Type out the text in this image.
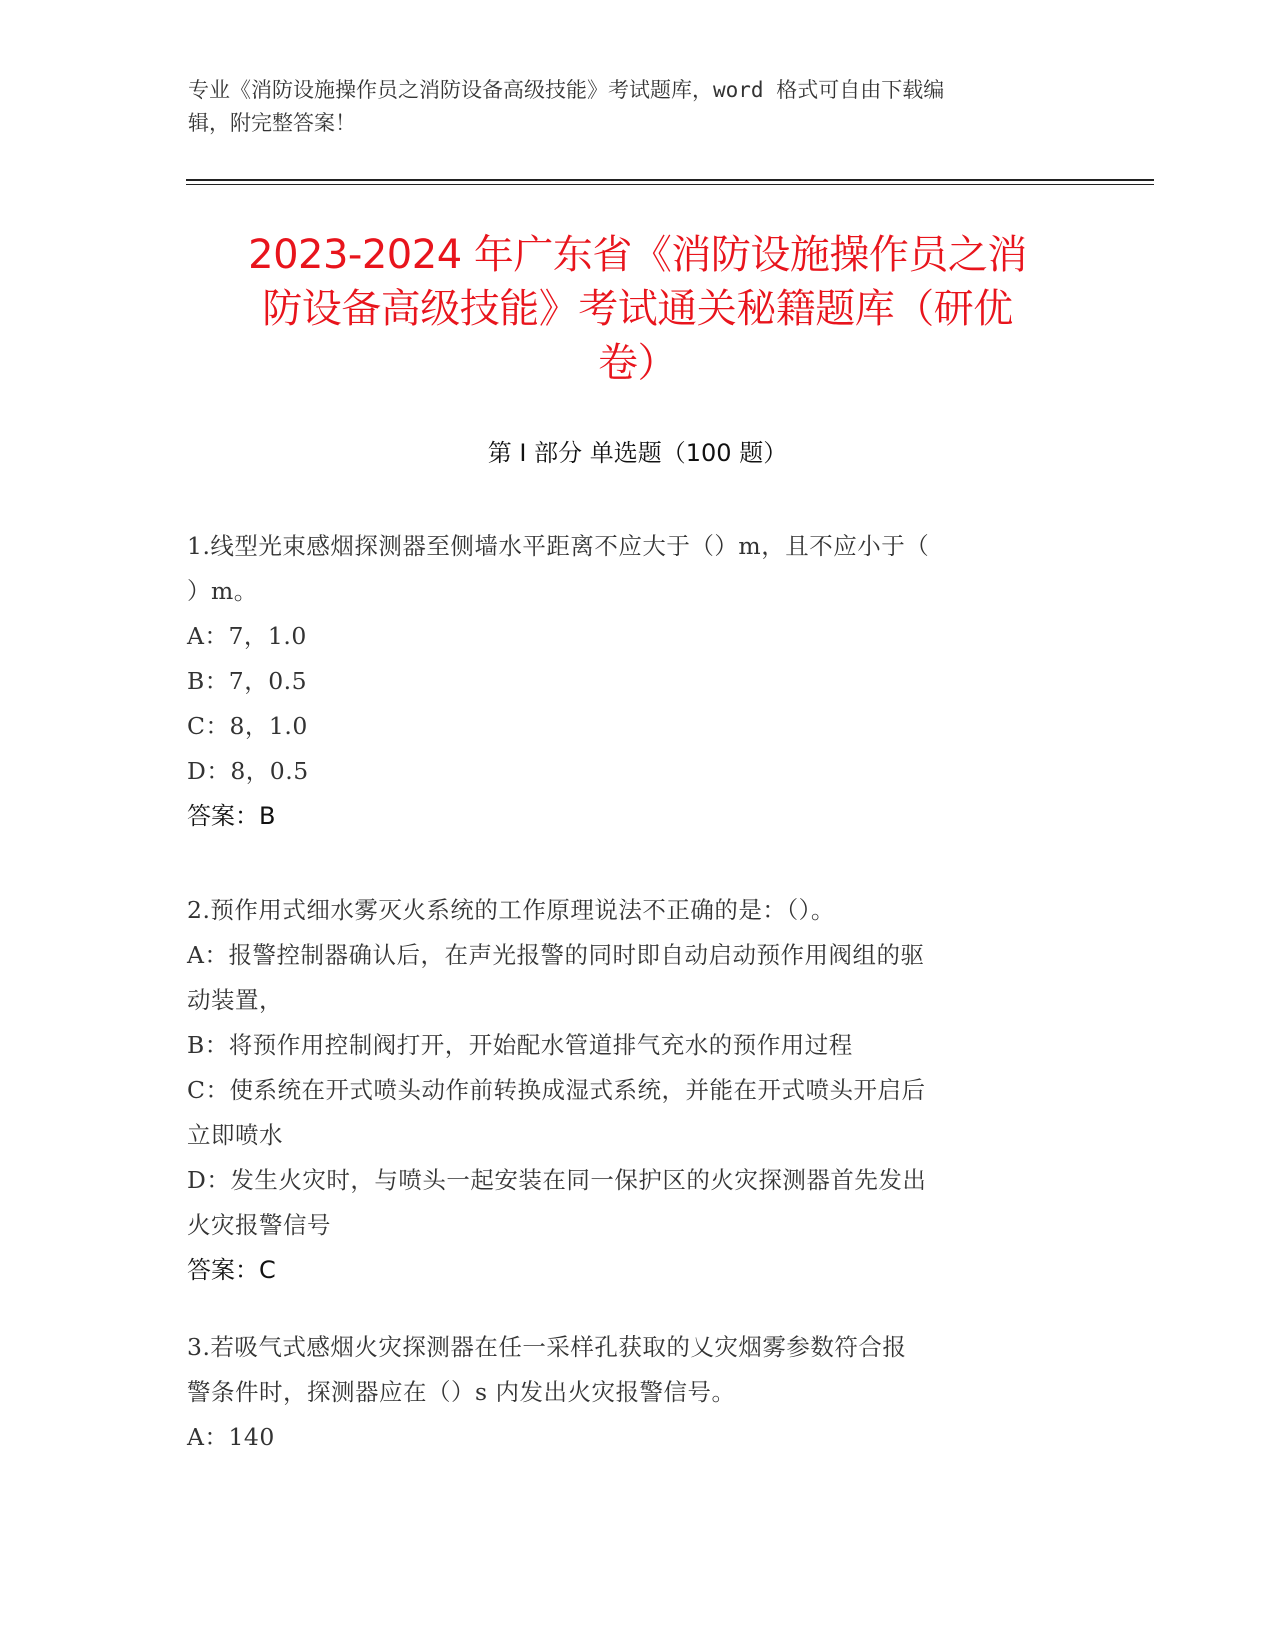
专业《消防设施操作员之消防设备高级技能》考试题库，word 格式可自由下载编
辑，附完整答案！
2023-2024 年广东省《消防设施操作员之消
防设备高级技能》考试通关秘籍题库（研优
卷）
第 I 部分 单选题（100 题）
1.线型光束感烟探测器至侧墙水平距离不应大于（）m，且不应小于（
）m。
A：7，1.0
B：7，0.5
C：8，1.0
D：8，0.5
答案：B
2.预作用式细水雾灭火系统的工作原理说法不正确的是：（）。
A：报警控制器确认后，在声光报警的同时即自动启动预作用阀组的驱
动装置，
B：将预作用控制阀打开，开始配水管道排气充水的预作用过程
C：使系统在开式喷头动作前转换成湿式系统，并能在开式喷头开启后
立即喷水
D：发生火灾时，与喷头一起安装在同一保护区的火灾探测器首先发出
火灾报警信号
答案：C
3.若吸气式感烟火灾探测器在任一采样孔获取的乂灾烟雾参数符合报
警条件时，探测器应在（）s 内发出火灾报警信号。
A：140
